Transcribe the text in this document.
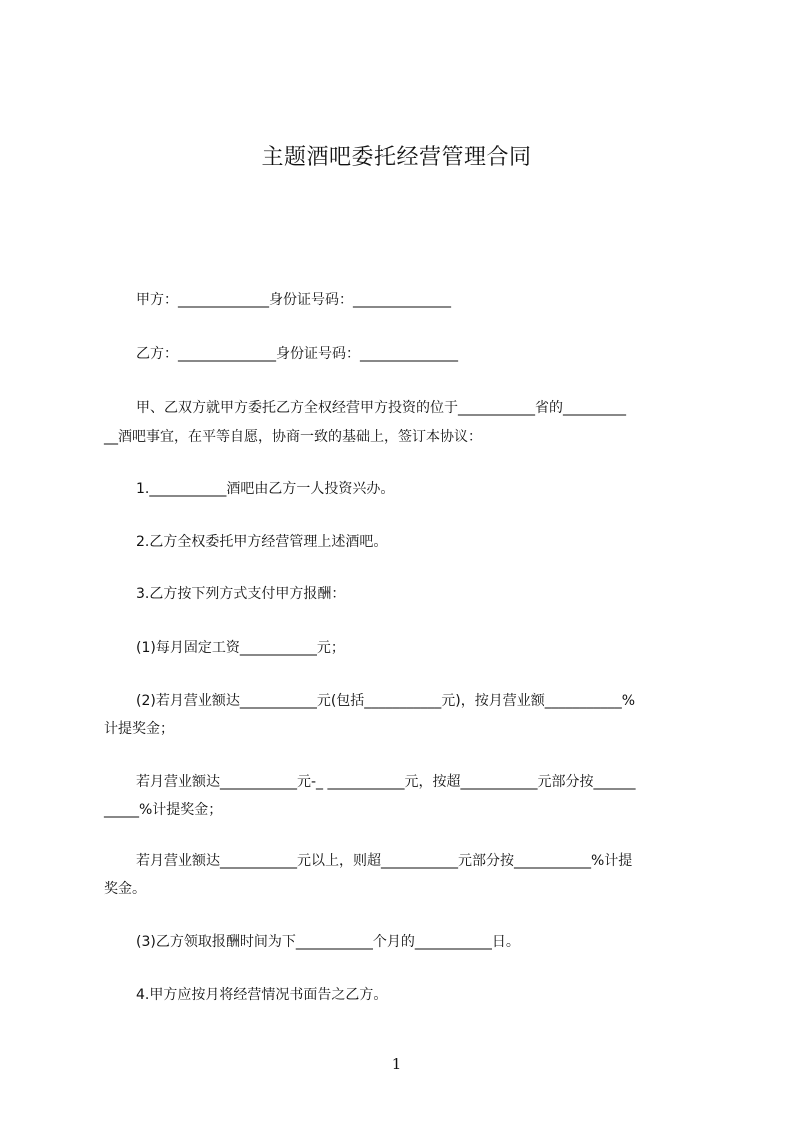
主题酒吧委托经营管理合同
甲方：_____________身份证号码：______________
乙方：______________身份证号码：______________
甲、乙双方就甲方委托乙方全权经营甲方投资的位于___________省的_________
__酒吧事宜，在平等自愿，协商一致的基础上，签订本协议：
1.___________酒吧由乙方一人投资兴办。
2.乙方全权委托甲方经营管理上述酒吧。
3.乙方按下列方式支付甲方报酬：
(1)每月固定工资___________元；
(2)若月营业额达___________元(包括___________元)，按月营业额___________%
计提奖金；
若月营业额达___________元-_ ___________元，按超___________元部分按______
_____%计提奖金；
若月营业额达___________元以上，则超___________元部分按___________%计提
奖金。
(3)乙方领取报酬时间为下___________个月的___________日。
4.甲方应按月将经营情况书面告之乙方。
1
